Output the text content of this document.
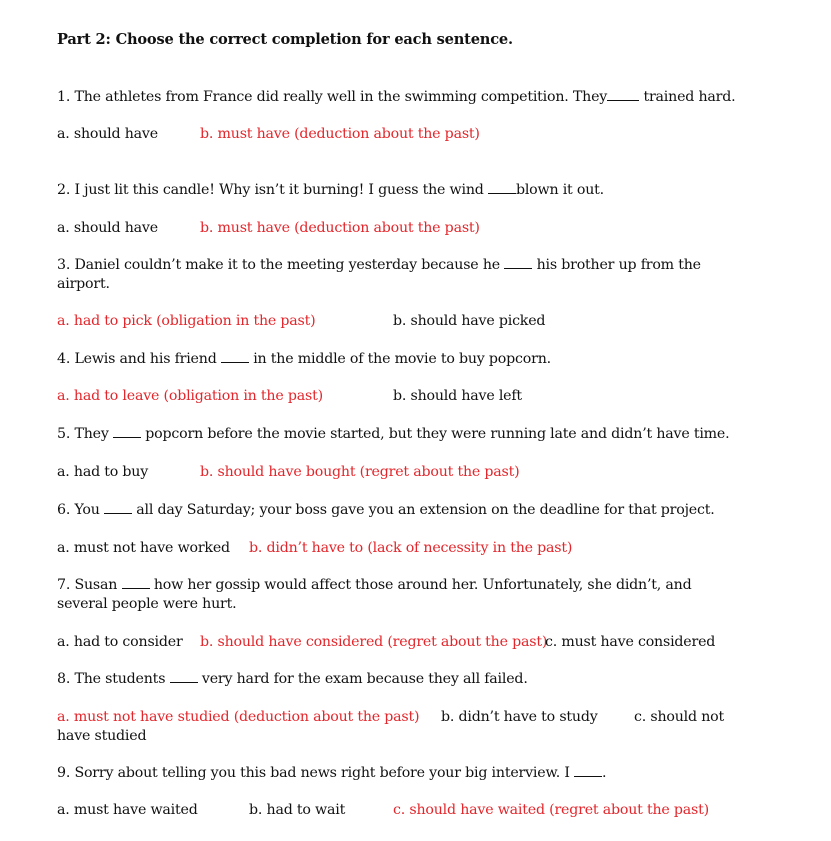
Part 2: Choose the correct completion for each sentence.
1. The athletes from France did really well in the swimming competition. They	trained hard.
a. should have	b. must have (deduction about the past)
2. I just lit this candle! Why isn’t it burning! I guess the wind blown it out.
a. should have	b. must have (deduction about the past)
3. Daniel couldn’t make it to the meeting yesterday because he	his brother up from the
airport.
a. had to pick (obligation in the past)	b. should have picked
4. Lewis and his friend	in the middle of the movie to buy popcorn.
a. had to leave (obligation in the past)	b. should have left
5. They	popcorn before the movie started, but they were running late and didn’t have time.
a. had to buy	b. should have bought (regret about the past)
6. You	all day Saturday; your boss gave you an extension on the deadline for that project.
a. must not have worked b. didn’t have to (lack of necessity in the past)
7. Susan	how her gossip would affect those around her. Unfortunately, she didn’t, and
several people were hurt.
a. had to consider b. should have considered (regret about the past)
c. must have considered
8. The students	very hard for the exam because they all failed.
a. must not have studied (deduction about the past) b. didn’t have to study	c. should not
have studied
9. Sorry about telling you this bad news right before your big interview. I .
a. must have waited	b. had to wait	c. should have waited (regret about the past)
